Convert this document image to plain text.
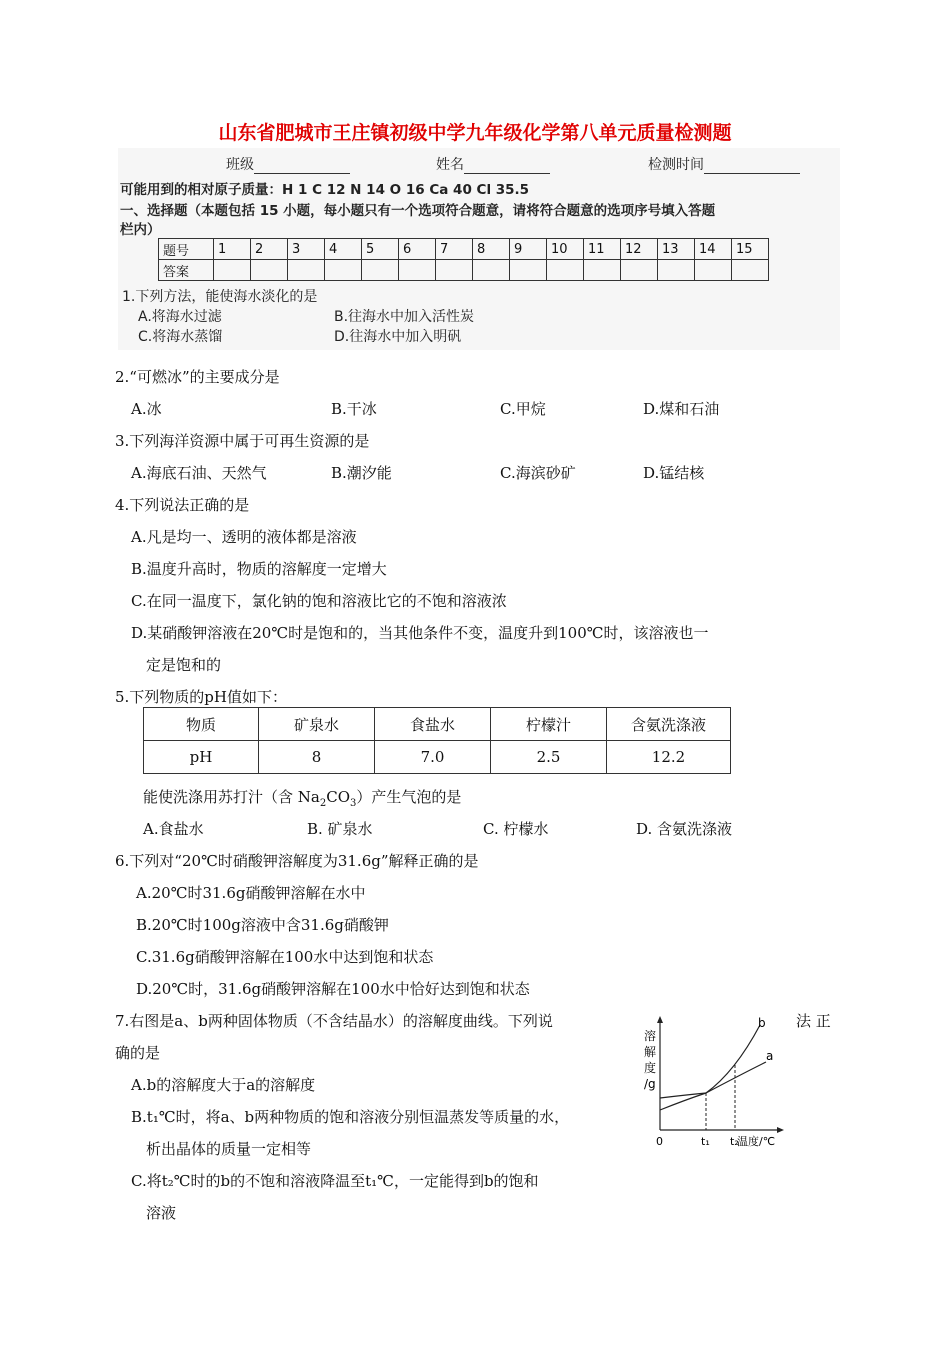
山东省肥城市王庄镇初级中学九年级化学第八单元质量检测题
班级	姓名	检测时间
可能用到的相对原子质量：H 1 C 12 N 14 O 16 Ca 40 Cl 35.5
一、选择题（本题包括 15 小题，每小题只有一个选项符合题意，请将符合题意的选项序号填入答题
栏内）
题号	1	2	3	4	5	6	7	8	9	10	11	12	13	14	15
答案															
1.下列方法，能使海水淡化的是
A.将海水过滤	B.往海水中加入活性炭
C.将海水蒸馏	D.往海水中加入明矾
2.“可燃冰”的主要成分是
A.冰	B.干冰	C.甲烷	D.煤和石油
3.下列海洋资源中属于可再生资源的是
A.海底石油、天然气	B.潮汐能	C.海滨砂矿	D.锰结核
4.下列说法正确的是
A.凡是均一、透明的液体都是溶液
B.温度升高时，物质的溶解度一定增大
C.在同一温度下，氯化钠的饱和溶液比它的不饱和溶液浓
D.某硝酸钾溶液在20℃时是饱和的，当其他条件不变，温度升到100℃时，该溶液也一
定是饱和的
5.下列物质的pH值如下：
物质	矿泉水	食盐水	柠檬汁	含氨洗涤液
pH	8	7.0	2.5	12.2
能使洗涤用苏打汁（含 $Na_2CO_3$）产生气泡的是
A.食盐水	B. 矿泉水	C. 柠檬水	D. 含氨洗涤液
6.下列对“20℃时硝酸钾溶解度为31.6g”解释正确的是
A.20℃时31.6g硝酸钾溶解在水中
B.20℃时100g溶液中含31.6g硝酸钾
C.31.6g硝酸钾溶解在100水中达到饱和状态
D.20℃时，31.6g硝酸钾溶解在100水中恰好达到饱和状态
7.右图是a、b两种固体物质（不含结晶水）的溶解度曲线。下列说	法 正
确的是
A.b的溶解度大于a的溶解度
B.t₁℃时，将a、b两种物质的饱和溶液分别恒温蒸发等质量的水，
析出晶体的质量一定相等
C.将t₂℃时的b的不饱和溶液降温至t₁℃，一定能得到b的饱和
溶液
溶
解
度
/g
0	t₁ t₂
温度/℃
b
a
